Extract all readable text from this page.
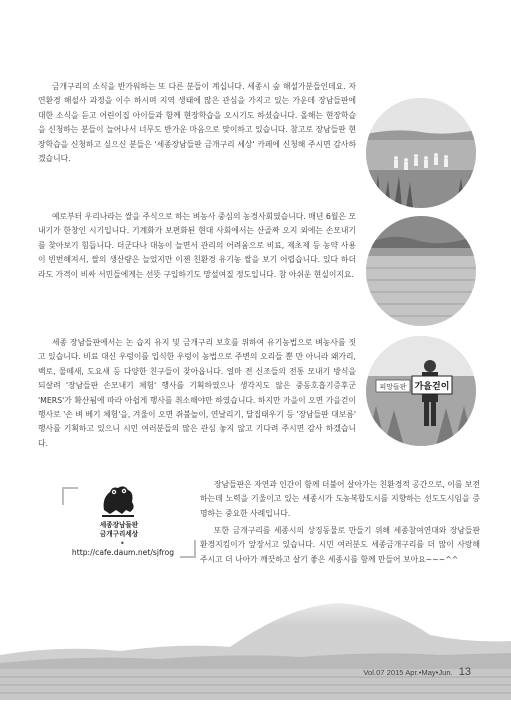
금개구리의 소식을 반가워하는 또 다른 분들이 계십니다. 세종시 숲 해설가분들인데요. 자연환경 해설사 과정을 이수 하시며 지역 생태에 많은 관심을 가지고 있는 가운데 장남들판에 대한 소식을 듣고 어린이집 아이들과 함께 현장학습을 오시기도 하셨습니다. 올해는 현장학습을 신청하는 분들이 늘어나서 너무도 반가운 마음으로 맞이하고 있습니다. 참고로 장남들판 현장학습을 신청하고 싶으신 분들은 '세종장남들판 금개구리 세상' 카페에 신청해 주시면 감사하겠습니다.

예로부터 우리나라는 쌀을 주식으로 하는 벼농사 중심의 농경사회였습니다. 매년 6월은 모내기가 한창인 시기입니다. 기계화가 보편화된 현대 사회에서는 산골짜 오지 외에는 손모내기를 찾아보기 힘듭니다. 더군다나 대농이 늘면서 관리의 어려움으로 비료, 제초제 등 농약 사용이 빈번해져서, 쌀의 생산량은 늘었지만 이젠 친환경 유기농 쌀을 보기 어렵습니다. 있다 하더라도 가격이 비싸 서민들에게는 선뜻 구입하기도 망설여질 정도입니다. 참 아쉬운 현실이지요.

세종 장남들판에서는 논 습지 유지 및 금개구리 보호를 위하여 유기농법으로 벼농사를 짓고 있습니다. 비료 대신 우렁이를 입식한 우렁이 농법으로 주변의 오리들 뿐 만 아니라 왜가리, 백로, 물떼새, 도요새 등 다양한 친구들이 찾아옵니다. 얼마 전 신조들의 전통 모내기 방식을 되살려 '장남들판 손모내기 체험' 행사를 기획하였으나 생각지도 않은 중동호흡기증후군 'MERS'가 확산됨에 따라 아쉽게 행사를 취소해야만 하였습니다. 하지만 가을이 오면 가을걷이 행사로 '손 벼 베기 체험'을, 겨울이 오면 쥐불놀이, 연날리기, 달집태우기 등 '장남들판 대보름' 행사를 기획하고 있으니 시민 여러분들의 많은 관심 놓지 않고 기다려 주시면 감사 하겠습니다.

피망들판 가을걷이
세종장남들판
금개구리세상
•
http://cafe.daum.net/sjfrog

장남들판은 자연과 인간이 함께 더불어 살아가는 친환경적 공간으로, 이를 보전하는데 노력을 기울이고 있는 세종시가 도농복합도시를 지향하는 선도도시임을 증명하는 중요한 사례입니다.

또한 금개구리를 세종시의 상징동물로 만들기 위해 세종참여연대와 장남들판 환경지킴이가 앞장서고 있습니다. 시민 여러분도 세종금개구리를 더 많이 사랑해 주시고 더 나아가 깨끗하고 살기 좋은 세종시를 함께 만들어 보아요~~~^^

Vol.07 2015 Apr.•May•Jun. 13
